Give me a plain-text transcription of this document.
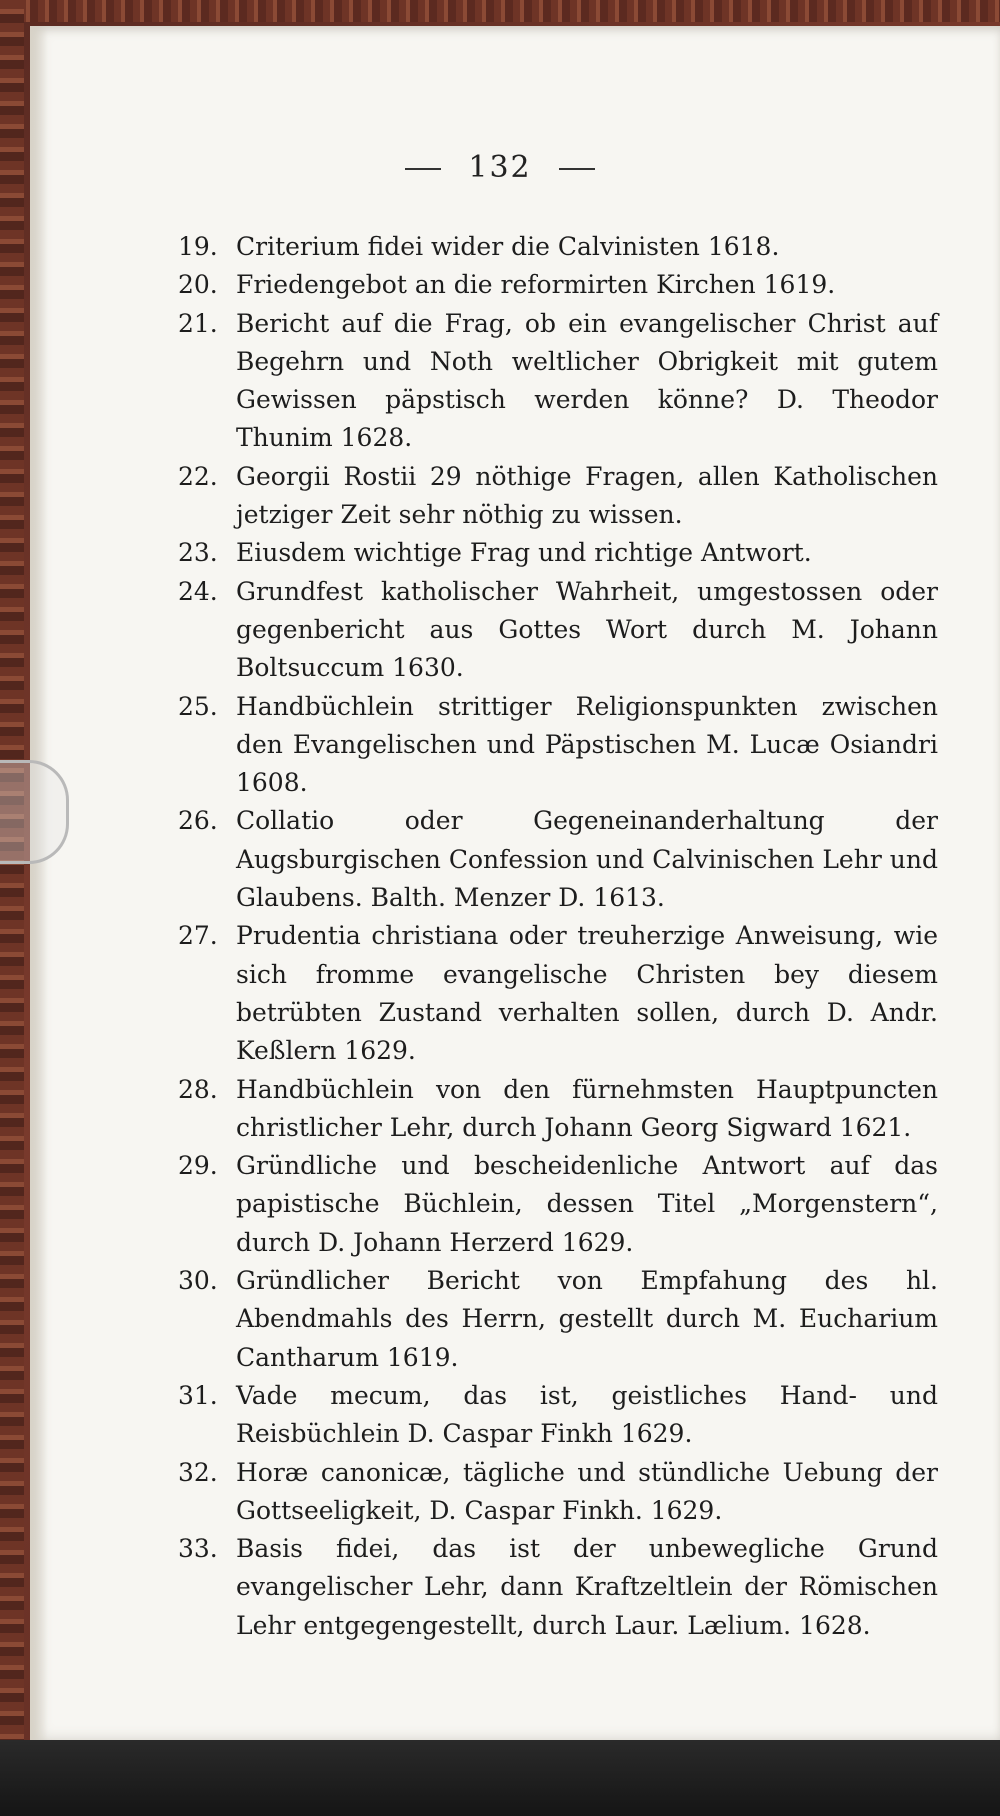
132

19. Criterium fidei wider die Calvinisten 1618.

20. Friedengebot an die reformirten Kirchen 1619.

21. Bericht auf die Frag, ob ein evangelischer Christ auf Begehrn und Noth weltlicher Obrigkeit mit gutem Gewissen päpstisch werden könne? D. Theodor Thunim 1628.

22. Georgii Rostii 29 nöthige Fragen, allen Katholischen jetziger Zeit sehr nöthig zu wissen.

23. Eiusdem wichtige Frag und richtige Antwort.

24. Grundfest katholischer Wahrheit, umgestossen oder gegenbericht aus Gottes Wort durch M. Johann Boltsuccum 1630.

25. Handbüchlein strittiger Religionspunkten zwischen den Evangelischen und Päpstischen M. Lucæ Osiandri 1608.

26. Collatio oder Gegeneinanderhaltung der Augsburgischen Confession und Calvinischen Lehr und Glaubens. Balth. Menzer D. 1613.

27. Prudentia christiana oder treuherzige Anweisung, wie sich fromme evangelische Christen bey diesem betrübten Zustand verhalten sollen, durch D. Andr. Keßlern 1629.

28. Handbüchlein von den fürnehmsten Hauptpuncten christlicher Lehr, durch Johann Georg Sigward 1621.

29. Gründliche und bescheidenliche Antwort auf das papistische Büchlein, dessen Titel „Morgenstern“, durch D. Johann Herzerd 1629.

30. Gründlicher Bericht von Empfahung des hl. Abendmahls des Herrn, gestellt durch M. Eucharium Cantharum 1619.

31. Vade mecum, das ist, geistliches Hand- und Reisbüchlein D. Caspar Finkh 1629.

32. Horæ canonicæ, tägliche und stündliche Uebung der Gottseeligkeit, D. Caspar Finkh. 1629.

33. Basis fidei, das ist der unbewegliche Grund evangelischer Lehr, dann Kraftzeltlein der Römischen Lehr entgegengestellt, durch Laur. Lælium. 1628.
